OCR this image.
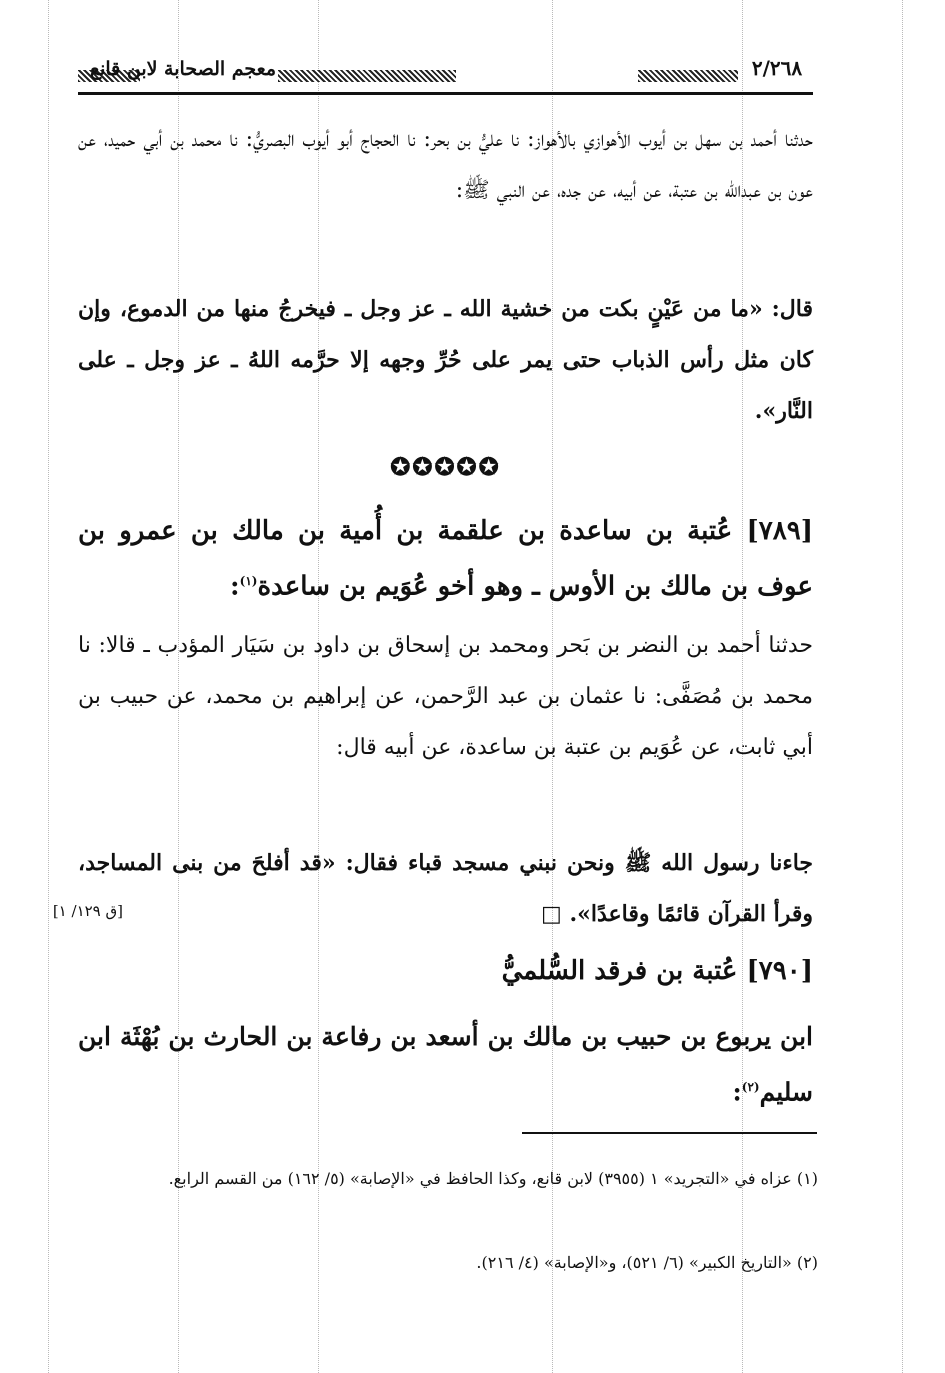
معجم الصحابة لابن قانع	٢/٢٦٨
حدثنا أحمد بن سهل بن أيوب الأهوازي بالأهواز: نا عليُّ بن بحر: نا الحجاج أبو أيوب البصريُّ: نا محمد بن أبي حميد، عن عون بن عبدالله بن عتبة، عن أبيه، عن جده، عن النبي ﷺ:
قال: «ما من عَيْنٍ بكت من خشية الله ـ عز وجل ـ فيخرجُ منها من الدموع، وإن كان مثل رأس الذباب حتى يمر على حُرِّ وجهه إلا حرَّمه اللهُ ـ عز وجل ـ على النَّار».
✪✪✪✪✪
[٧٨٩] عُتبة بن ساعدة بن علقمة بن أُمية بن مالك بن عمرو بن عوف بن مالك بن الأوس ـ وهو أخو عُوَيم بن ساعدة$^{(١)}$:
حدثنا أحمد بن النضر بن بَحر ومحمد بن إسحاق بن داود بن سَيَار المؤدب ـ قالا: نا محمد بن مُصَفَّى: نا عثمان بن عبد الرَّحمن، عن إبراهيم بن محمد، عن حبيب بن أبي ثابت، عن عُوَيم بن عتبة بن ساعدة، عن أبيه قال:
جاءنا رسول الله ﷺ ونحن نبني مسجد قباء فقال: «قد أفلحَ من بنى المساجد، وقرأ القرآن قائمًا وقاعدًا». □
[ق ١٢٩/ ١]
[٧٩٠] عُتبة بن فرقد السُّلميُّ
ابن يربوع بن حبيب بن مالك بن أسعد بن رفاعة بن الحارث بن بُهْثَة ابن سليم$^{(٢)}$:
(١) عزاه في «التجريد» ١ (٣٩٥٥) لابن قانع، وكذا الحافظ في «الإصابة» (٥/ ١٦٢) من القسم الرابع.
(٢) «التاريخ الكبير» (٦/ ٥٢١)، و«الإصابة» (٤/ ٢١٦).
